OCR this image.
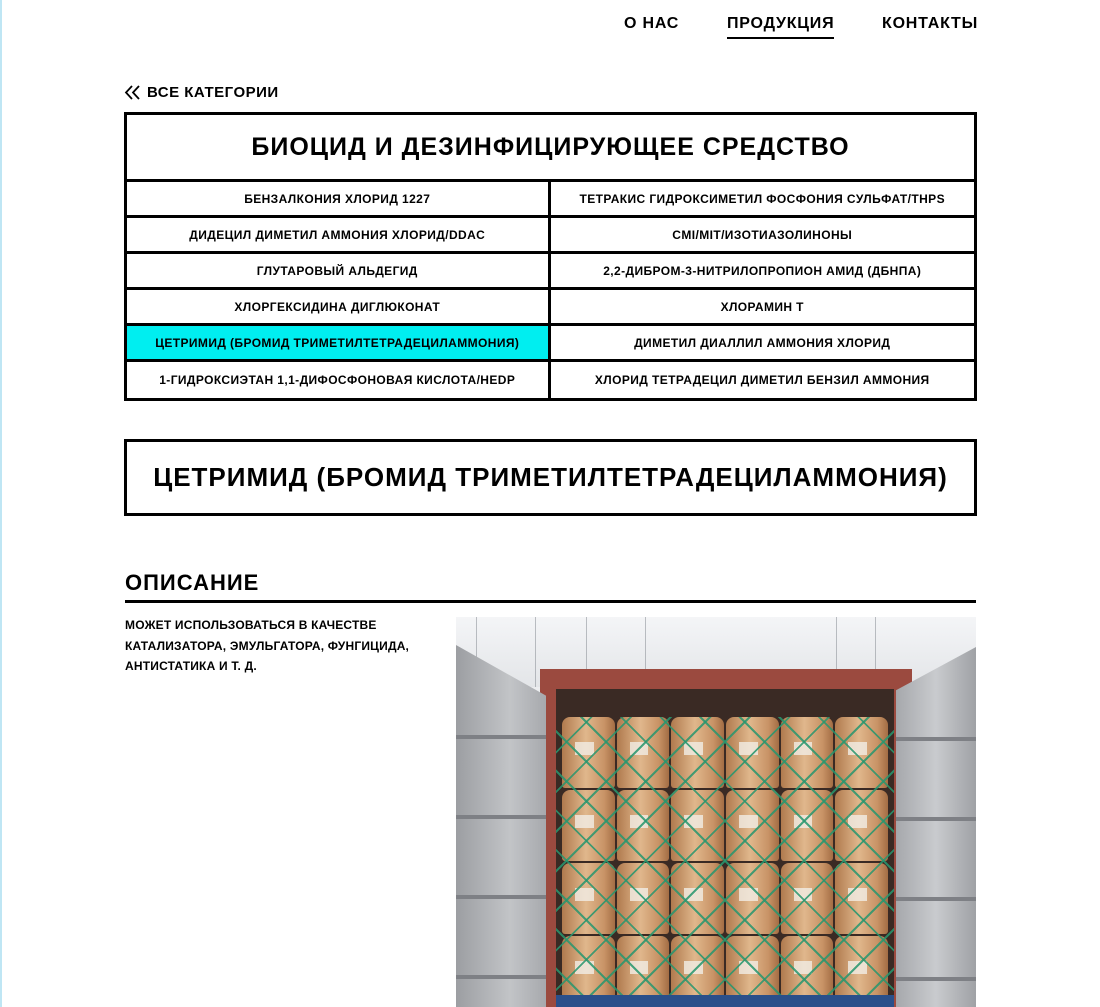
О НАС	ПРОДУКЦИЯ	КОНТАКТЫ
ВСЕ КАТЕГОРИИ
БИОЦИД И ДЕЗИНФИЦИРУЮЩЕЕ СРЕДСТВО
БЕНЗАЛКОНИЯ ХЛОРИД 1227	ТЕТРАКИС ГИДРОКСИМЕТИЛ ФОСФОНИЯ СУЛЬФАТ/THPS
ДИДЕЦИЛ ДИМЕТИЛ АММОНИЯ ХЛОРИД/DDAC	CMI/MIT/ИЗОТИАЗОЛИНОНЫ
ГЛУТАРОВЫЙ АЛЬДЕГИД	2,2-ДИБРОМ-3-НИТРИЛОПРОПИОН АМИД (ДБНПА)
ХЛОРГЕКСИДИНА ДИГЛЮКОНАТ	ХЛОРАМИН Т
ЦЕТРИМИД (БРОМИД ТРИМЕТИЛТЕТРАДЕЦИЛАММОНИЯ)	ДИМЕТИЛ ДИАЛЛИЛ АММОНИЯ ХЛОРИД
1-ГИДРОКСИЭТАН 1,1-ДИФОСФОНОВАЯ КИСЛОТА/HEDP	ХЛОРИД ТЕТРАДЕЦИЛ ДИМЕТИЛ БЕНЗИЛ АММОНИЯ
ЦЕТРИМИД (БРОМИД ТРИМЕТИЛТЕТРАДЕЦИЛАММОНИЯ)
ОПИСАНИЕ

МОЖЕТ ИСПОЛЬЗОВАТЬСЯ В КАЧЕСТВЕ КАТАЛИЗАТОРА, ЭМУЛЬГАТОРА, ФУНГИЦИДА, АНТИСТАТИКА И Т. Д.
